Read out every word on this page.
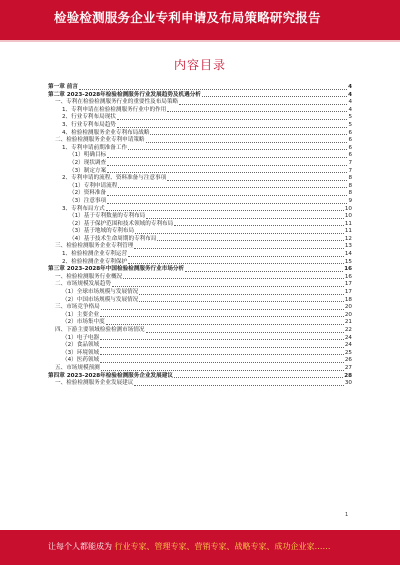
检验检测服务企业专利申请及布局策略研究报告
内容目录
第一章 前言	4
第二章 2023-2028年检验检测服务行业发展趋势及机遇分析	4
一、专利在检验检测服务行业的重要性及布局策略	4
1、专利申请在检验检测服务行业中的作用	4
2、行业专利布局现状	5
3、行业专利布局趋势	5
4、检验检测服务企业专利布局战略	6
二、检验检测服务企业专利申请策略	6
1、专利申请前期准备工作	6
（1）明确目标	6
（2）现状调查	7
（3）制定方案	7
2、专利申请的流程、资料准备与注意事项	8
（1）专利申请流程	8
（2）资料准备	8
（3）注意事项	9
3、专利布局方式	10
（1）基于专利数量的专利布局	10
（2）基于保护范围和技术领域的专利布局	11
（3）基于地域的专利布局	11
（4）基于技术生命周期的专利布局	12
三、检验检测服务企业专利管理	13
1、检验检测企业专利运营	14
2、检验检测企业专利保护	15
第三章 2023-2028年中国检验检测服务行业市场分析	16
一、检验检测服务行业概况	16
二、市场规模发展趋势	17
（1）全球市场规模与发展情况	17
（2）中国市场规模与发展情况	18
三、市场竞争格局	20
（1）主要企业	20
（2）市场集中度	21
四、下游主要领域检验检测市场情况	22
（1）电子电器	24
（2）食品领域	24
（3）环境领域	25
（4）医药领域	26
五、市场规模预测	27
第四章 2023-2028年检验检测服务企业发展建议	28
一、检验检测服务企业发展建议	30
1
让每个人都能成为 行业专家、管理专家、营销专家、战略专家、成功企业家……
